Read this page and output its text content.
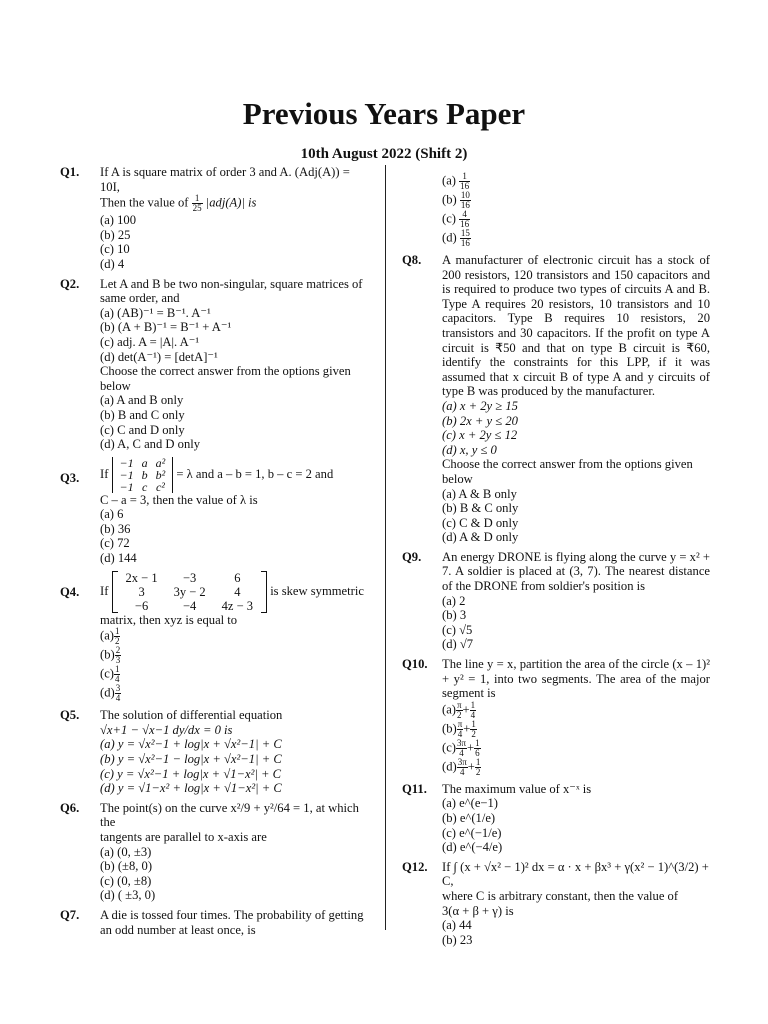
Previous Years Paper
10th August 2022 (Shift 2)
Q1.	If A is square matrix of order 3 and A. (Adj(A)) =
10I,
Then the value of $\frac{1}{25} |adj(A)|$ is
(a) 100
(b) 25
(c) 10
(d) 4
Q2.	Let A and B be two non-singular, square matrices of
same order, and
(a) (AB)⁻¹ = B⁻¹. A⁻¹
(b) (A + B)⁻¹ = B⁻¹ + A⁻¹
(c) adj. A = |A|. A⁻¹
(d) det(A⁻¹) = [detA]⁻¹
Choose the correct answer from the options given
below
(a) A and B only
(b) B and C only
(c) C and D only
(d) A, C and D only
Q3.	If
−1	a	a²
−1	b	b²
−1	c	c²
= λ and a – b = 1, b – c = 2 and
C – a = 3, then the value of λ is
(a) 6
(b) 36
(c) 72
(d) 144
Q4.	If
2x − 1	−3	6
3	3y − 2	4
−6	−4	4z − 3
is skew symmetric
matrix, then xyz is equal to
$(a) \frac{1}{2}$
$(b) \frac{2}{3}$
$(c) \frac{1}{4}$
$(d) \frac{3}{4}$
Q5.	The solution of differential equation
√x+1 − √x−1 dy/dx = 0 is
(a) y = √x²−1 + log|x + √x²−1| + C
(b) y = √x²−1 − log|x + √x²−1| + C
(c) y = √x²−1 + log|x + √1−x²| + C
(d) y = √1−x² + log|x + √1−x²| + C
Q6.	The point(s) on the curve x²/9 + y²/64 = 1, at which the
tangents are parallel to x-axis are
(a) (0, ±3)
(b) (±8, 0)
(c) (0, ±8)
(d) ( ±3, 0)
Q7.	A die is tossed four times. The probability of getting
an odd number at least once, is
$(a) \frac{1}{16}$
$(b) \frac{10}{16}$
$(c) \frac{4}{16}$
$(d) \frac{15}{16}$
Q8.	A manufacturer of electronic circuit has a stock of 200 resistors, 120 transistors and 150 capacitors and is required to produce two types of circuits A and B. Type A requires 20 resistors, 10 transistors and 10 capacitors. Type B requires 10 resistors, 20 transistors and 30 capacitors. If the profit on type A circuit is ₹50 and that on type B circuit is ₹60, identify the constraints for this LPP, if it was assumed that x circuit B of type A and y circuits of type B was produced by the manufacturer.
(a) x + 2y ≥ 15
(b) 2x + y ≤ 20
(c) x + 2y ≤ 12
(d) x, y ≤ 0
Choose the correct answer from the options given
below
(a) A & B only
(b) B & C only
(c) C & D only
(d) A & D only
Q9.	An energy DRONE is flying along the curve y = x² + 7. A soldier is placed at (3, 7). The nearest distance of the DRONE from soldier's position is
(a) 2
(b) 3
(c) √5
(d) √7
Q10.	The line y = x, partition the area of the circle (x – 1)² + y² = 1, into two segments. The area of the major segment is
$(a) \frac{\pi}{2} + \frac{1}{4}$
$(b) \frac{\pi}{4} + \frac{1}{2}$
$(c) \frac{3\pi}{4} + \frac{1}{6}$
$(d) \frac{3\pi}{4} + \frac{1}{2}$
Q11.	The maximum value of x⁻ˣ is
(a) e^(e−1)
(b) e^(1/e)
(c) e^(−1/e)
(d) e^(−4/e)
Q12.	If ∫ (x + √x² − 1)² dx = α · x + βx³ + γ(x² − 1)^(3/2) +
C,
where C is arbitrary constant, then the value of
3(α + β + γ) is
(a) 44
(b) 23
